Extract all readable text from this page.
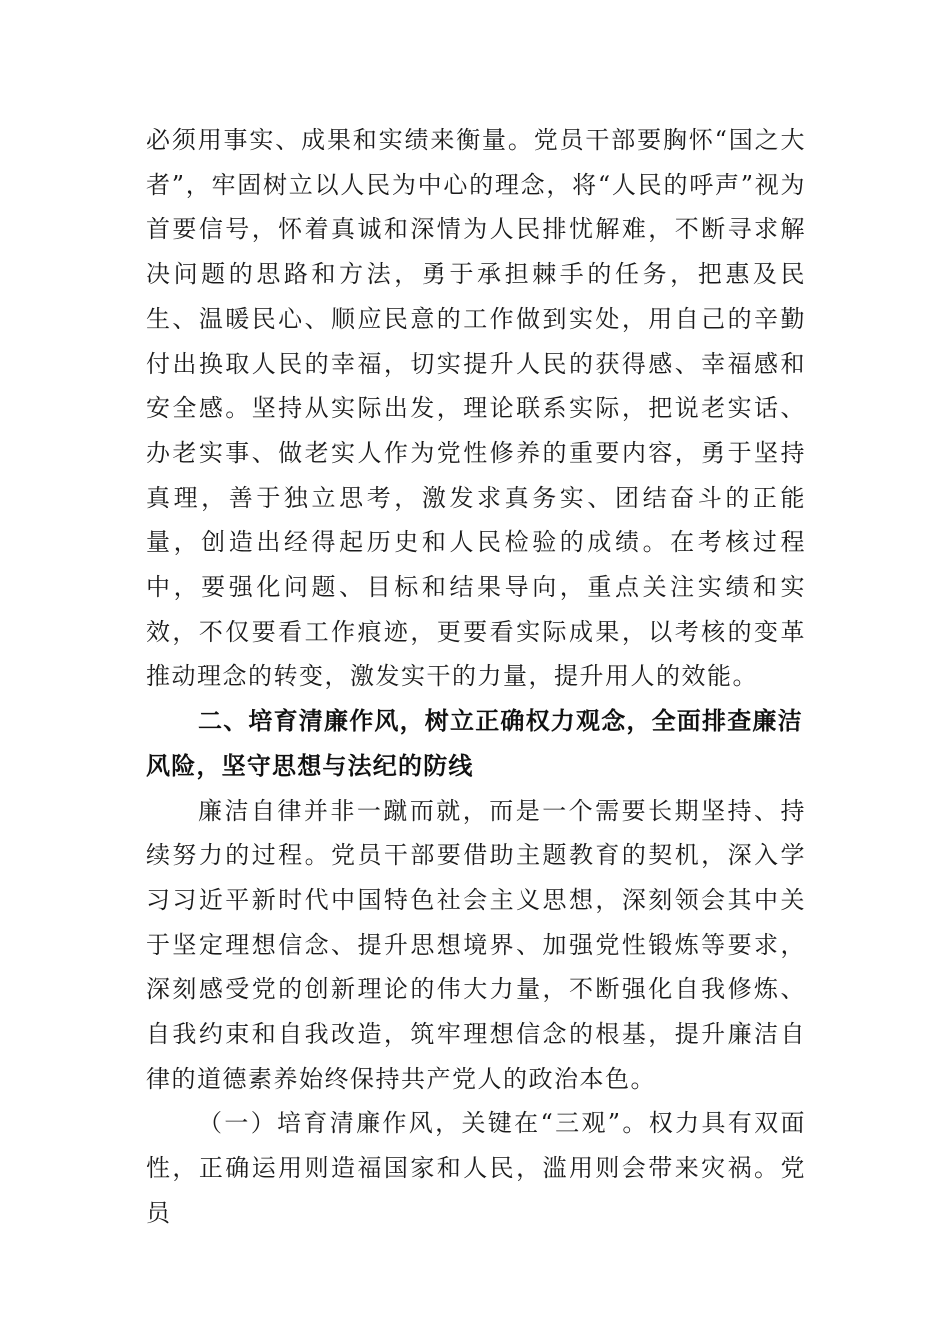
必须用事实、成果和实绩来衡量。党员干部要胸怀“国之大者”，牢固树立以人民为中心的理念，将“人民的呼声”视为首要信号，怀着真诚和深情为人民排忧解难，不断寻求解决问题的思路和方法，勇于承担棘手的任务，把惠及民生、温暖民心、顺应民意的工作做到实处，用自己的辛勤付出换取人民的幸福，切实提升人民的获得感、幸福感和安全感。坚持从实际出发，理论联系实际，把说老实话、办老实事、做老实人作为党性修养的重要内容，勇于坚持真理，善于独立思考，激发求真务实、团结奋斗的正能量，创造出经得起历史和人民检验的成绩。在考核过程中，要强化问题、目标和结果导向，重点关注实绩和实效，不仅要看工作痕迹，更要看实际成果，以考核的变革推动理念的转变，激发实干的力量，提升用人的效能。

二、培育清廉作风，树立正确权力观念，全面排查廉洁风险，坚守思想与法纪的防线

廉洁自律并非一蹴而就，而是一个需要长期坚持、持续努力的过程。党员干部要借助主题教育的契机，深入学习习近平新时代中国特色社会主义思想，深刻领会其中关于坚定理想信念、提升思想境界、加强党性锻炼等要求，深刻感受党的创新理论的伟大力量，不断强化自我修炼、自我约束和自我改造，筑牢理想信念的根基，提升廉洁自律的道德素养始终保持共产党人的政治本色。

（一）培育清廉作风，关键在“三观”。权力具有双面性，正确运用则造福国家和人民，滥用则会带来灾祸。党员
